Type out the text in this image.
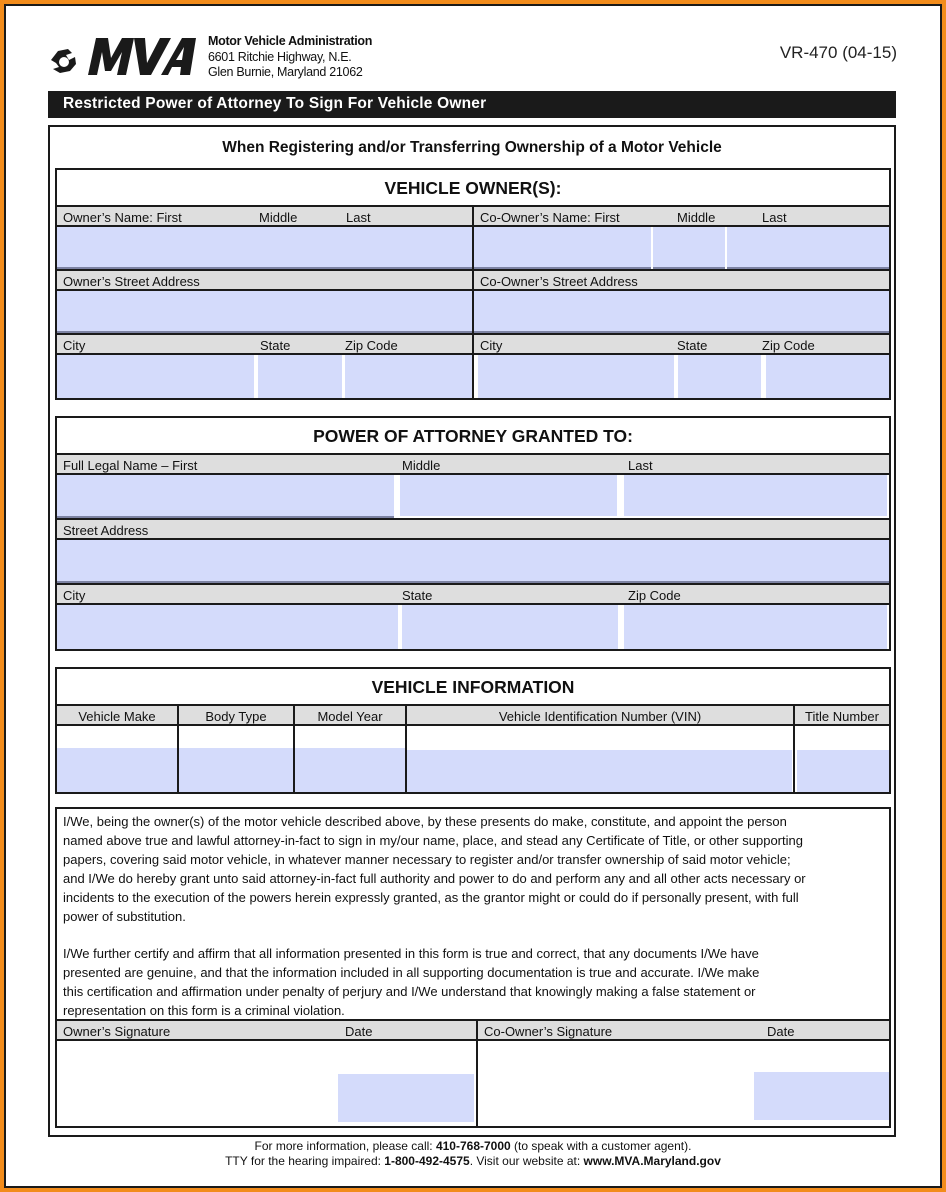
Motor Vehicle Administration
6601 Ritchie Highway, N.E.
Glen Burnie, Maryland 21062
VR-470 (04-15)
Restricted Power of Attorney To Sign For Vehicle Owner
When Registering and/or Transferring Ownership of a Motor Vehicle
VEHICLE OWNER(S):
Owner’s Name: First	Middle	Last	Co-Owner’s Name: First	Middle	Last
Owner’s Street Address	Co-Owner’s Street Address
City	State	Zip Code	City	State	Zip Code
POWER OF ATTORNEY GRANTED TO:
Full Legal Name – First	Middle	Last
Street Address
City	State	Zip Code
VEHICLE INFORMATION
Vehicle Make	Body Type	Model Year	Vehicle Identification Number (VIN)	Title Number
I/We, being the owner(s) of the motor vehicle described above, by these presents do make, constitute, and appoint the person
named above true and lawful attorney-in-fact to sign in my/our name, place, and stead any Certificate of Title, or other supporting
papers, covering said motor vehicle, in whatever manner necessary to register and/or transfer ownership of said motor vehicle;
and I/We do hereby grant unto said attorney-in-fact full authority and power to do and perform any and all other acts necessary or
incidents to the execution of the powers herein expressly granted, as the grantor might or could do if personally present, with full
power of substitution.
I/We further certify and affirm that all information presented in this form is true and correct, that any documents I/We have
presented are genuine, and that the information included in all supporting documentation is true and accurate. I/We make
this certification and affirmation under penalty of perjury and I/We understand that knowingly making a false statement or
representation on this form is a criminal violation.
Owner’s Signature	Date	Co-Owner’s Signature	Date
For more information, please call: 410-768-7000 (to speak with a customer agent).
TTY for the hearing impaired: 1-800-492-4575. Visit our website at: www.MVA.Maryland.gov
